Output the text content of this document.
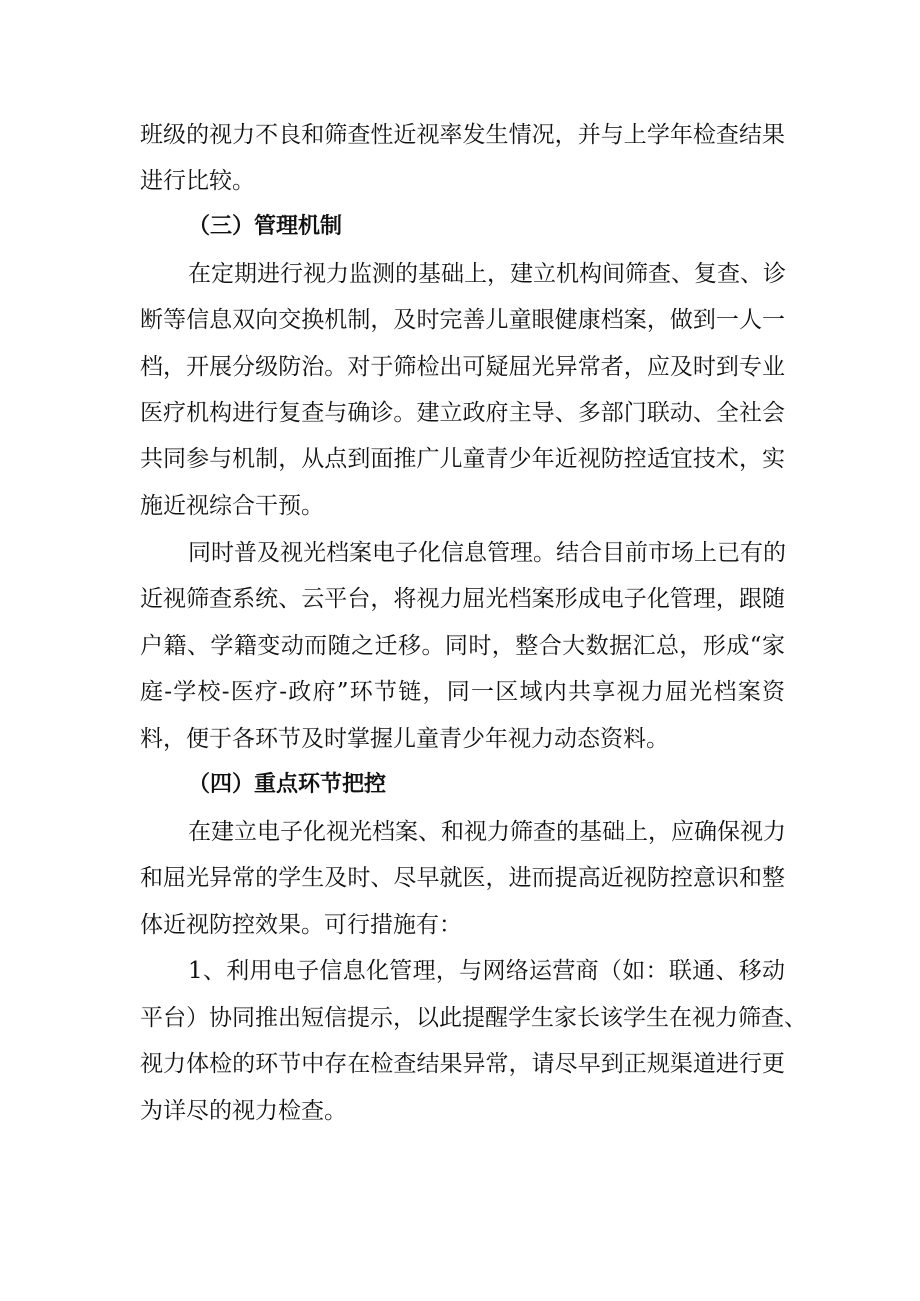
班级的视力不良和筛查性近视率发生情况，并与上学年检查结果
进行比较。
（三）管理机制
在定期进行视力监测的基础上，建立机构间筛查、复查、诊
断等信息双向交换机制，及时完善儿童眼健康档案，做到一人一
档，开展分级防治。对于筛检出可疑屈光异常者，应及时到专业
医疗机构进行复查与确诊。建立政府主导、多部门联动、全社会
共同参与机制，从点到面推广儿童青少年近视防控适宜技术，实
施近视综合干预。
同时普及视光档案电子化信息管理。结合目前市场上已有的
近视筛查系统、云平台，将视力屈光档案形成电子化管理，跟随
户籍、学籍变动而随之迁移。同时，整合大数据汇总，形成“家
庭-学校-医疗-政府”环节链，同一区域内共享视力屈光档案资
料，便于各环节及时掌握儿童青少年视力动态资料。
（四）重点环节把控
在建立电子化视光档案、和视力筛查的基础上，应确保视力
和屈光异常的学生及时、尽早就医，进而提高近视防控意识和整
体近视防控效果。可行措施有：
1、利用电子信息化管理，与网络运营商（如：联通、移动
平台）协同推出短信提示，以此提醒学生家长该学生在视力筛查、
视力体检的环节中存在检查结果异常，请尽早到正规渠道进行更
为详尽的视力检查。
